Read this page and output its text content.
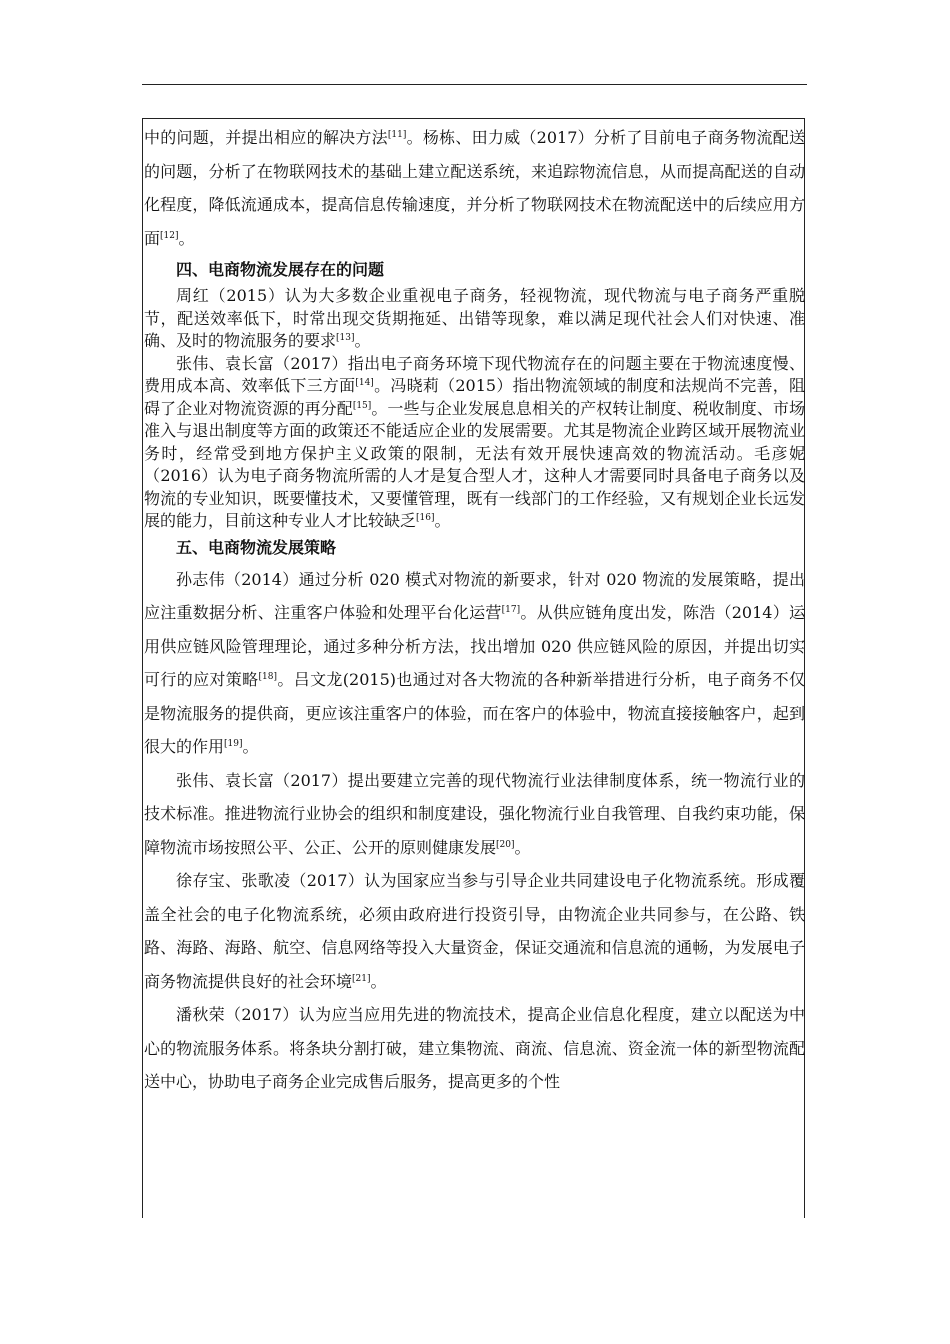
中的问题，并提出相应的解决方法[11]。杨栋、田力威（2017）分析了目前电子商务物流配送的问题，分析了在物联网技术的基础上建立配送系统，来追踪物流信息，从而提高配送的自动化程度，降低流通成本，提高信息传输速度，并分析了物联网技术在物流配送中的后续应用方面[12]。

四、电商物流发展存在的问题

周红（2015）认为大多数企业重视电子商务，轻视物流，现代物流与电子商务严重脱节，配送效率低下，时常出现交货期拖延、出错等现象，难以满足现代社会人们对快速、准确、及时的物流服务的要求[13]。

张伟、袁长富（2017）指出电子商务环境下现代物流存在的问题主要在于物流速度慢、费用成本高、效率低下三方面[14]。冯晓莉（2015）指出物流领域的制度和法规尚不完善，阻碍了企业对物流资源的再分配[15]。一些与企业发展息息相关的产权转让制度、税收制度、市场准入与退出制度等方面的政策还不能适应企业的发展需要。尤其是物流企业跨区域开展物流业务时，经常受到地方保护主义政策的限制，无法有效开展快速高效的物流活动。毛彦妮（2016）认为电子商务物流所需的人才是复合型人才，这种人才需要同时具备电子商务以及物流的专业知识，既要懂技术，又要懂管理，既有一线部门的工作经验，又有规划企业长远发展的能力，目前这种专业人才比较缺乏[16]。

五、电商物流发展策略

孙志伟（2014）通过分析 020 模式对物流的新要求，针对 020 物流的发展策略，提出应注重数据分析、注重客户体验和处理平台化运营[17]。从供应链角度出发，陈浩（2014）运用供应链风险管理理论，通过多种分析方法，找出增加 020 供应链风险的原因，并提出切实可行的应对策略[18]。吕文龙(2015)也通过对各大物流的各种新举措进行分析，电子商务不仅是物流服务的提供商，更应该注重客户的体验，而在客户的体验中，物流直接接触客户，起到很大的作用[19]。

张伟、袁长富（2017）提出要建立完善的现代物流行业法律制度体系，统一物流行业的技术标准。推进物流行业协会的组织和制度建设，强化物流行业自我管理、自我约束功能，保障物流市场按照公平、公正、公开的原则健康发展[20]。

徐存宝、张歌凌（2017）认为国家应当参与引导企业共同建设电子化物流系统。形成覆盖全社会的电子化物流系统，必须由政府进行投资引导，由物流企业共同参与，在公路、铁路、海路、海路、航空、信息网络等投入大量资金，保证交通流和信息流的通畅，为发展电子商务物流提供良好的社会环境[21]。

潘秋荣（2017）认为应当应用先进的物流技术，提高企业信息化程度，建立以配送为中心的物流服务体系。将条块分割打破，建立集物流、商流、信息流、资金流一体的新型物流配送中心，协助电子商务企业完成售后服务，提高更多的个性
